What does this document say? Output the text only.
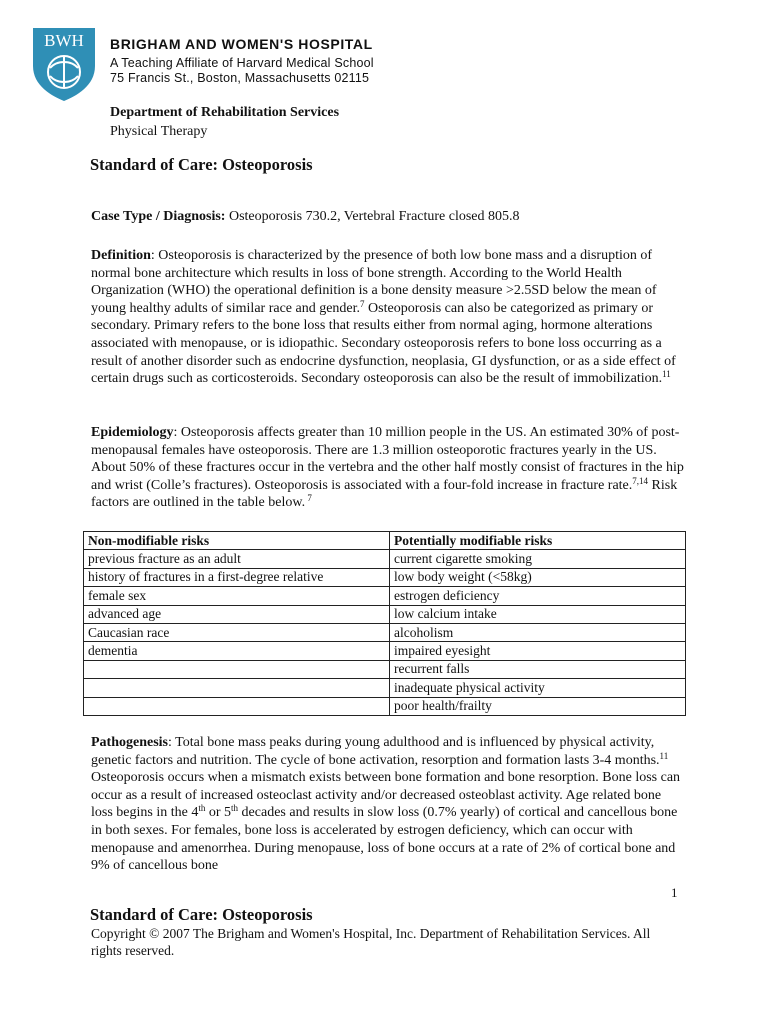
BWH BRIGHAM AND WOMEN'S HOSPITAL
A Teaching Affiliate of Harvard Medical School
75 Francis St., Boston, Massachusetts 02115
Department of Rehabilitation Services
Physical Therapy
Standard of Care: Osteoporosis
Case Type / Diagnosis: Osteoporosis 730.2, Vertebral Fracture closed 805.8
Definition: Osteoporosis is characterized by the presence of both low bone mass and a disruption of normal bone architecture which results in loss of bone strength. According to the World Health Organization (WHO) the operational definition is a bone density measure >2.5SD below the mean of young healthy adults of similar race and gender.$^7$ Osteoporosis can also be categorized as primary or secondary. Primary refers to the bone loss that results either from normal aging, hormone alterations associated with menopause, or is idiopathic. Secondary osteoporosis refers to bone loss occurring as a result of another disorder such as endocrine dysfunction, neoplasia, GI dysfunction, or as a side effect of certain drugs such as corticosteroids. Secondary osteoporosis can also be the result of immobilization.$^{11}$
Epidemiology: Osteoporosis affects greater than 10 million people in the US. An estimated 30% of post-menopausal females have osteoporosis. There are 1.3 million osteoporotic fractures yearly in the US. About 50% of these fractures occur in the vertebra and the other half mostly consist of fractures in the hip and wrist (Colle’s fractures). Osteoporosis is associated with a four-fold increase in fracture rate.$^{7,14}$ Risk factors are outlined in the table below. $^7$
Non-modifiable risks	Potentially modifiable risks
previous fracture as an adult	current cigarette smoking
history of fractures in a first-degree relative	low body weight (<58kg)
female sex	estrogen deficiency
advanced age	low calcium intake
Caucasian race	alcoholism
dementia	impaired eyesight
	recurrent falls
	inadequate physical activity
	poor health/frailty
Pathogenesis: Total bone mass peaks during young adulthood and is influenced by physical activity, genetic factors and nutrition. The cycle of bone activation, resorption and formation lasts 3-4 months.$^{11}$ Osteoporosis occurs when a mismatch exists between bone formation and bone resorption. Bone loss can occur as a result of increased osteoclast activity and/or decreased osteoblast activity. Age related bone loss begins in the 4th or 5th decades and results in slow loss (0.7% yearly) of cortical and cancellous bone in both sexes. For females, bone loss is accelerated by estrogen deficiency, which can occur with menopause and amenorrhea. During menopause, loss of bone occurs at a rate of 2% of cortical bone and 9% of cancellous bone
1
Standard of Care: Osteoporosis
Copyright © 2007 The Brigham and Women's Hospital, Inc. Department of Rehabilitation Services. All rights reserved.
